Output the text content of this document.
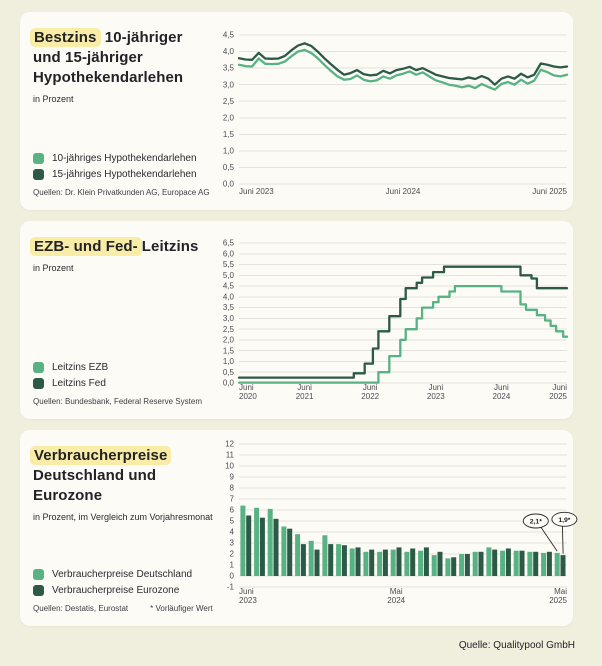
Bestzins 10-jähriger und 15-jähriger Hypothekendarlehen

in Prozent

10-jähriges Hypothekendarlehen
15-jähriges Hypothekendarlehen

Quellen: Dr. Klein Privatkunden AG, Europace AG

0,0
0,5
1,0
1,5
2,0
2,5
3,0
3,5
4,0
4,5
Juni 2023	Juni 2024	Juni 2025
EZB- und Fed- Leitzins

in Prozent

Leitzins EZB
Leitzins Fed

Quellen: Bundesbank, Federal Reserve System

0,0
0,5
1,0
1,5
2,0
2,5
3,0
3,5
4,0
4,5
5,0
5,5
6,0
6,5
Juni
2020
Juni
2021
Juni
2022
Juni
2023
Juni
2024
Juni
2025
Verbraucherpreise Deutschland und Eurozone

in Prozent, im Vergleich zum Vorjahresmonat

Verbraucherpreise Deutschland
Verbraucherpreise Eurozone

Quellen: Destatis, Eurostat	* Vorläufiger Wert

-1
0
1
2
3
4
5
6
7
8
9
10
11
12
Juni
2023
Mai
2024
Mai
2025
2,1* 1,9*
Quelle: Qualitypool GmbH
